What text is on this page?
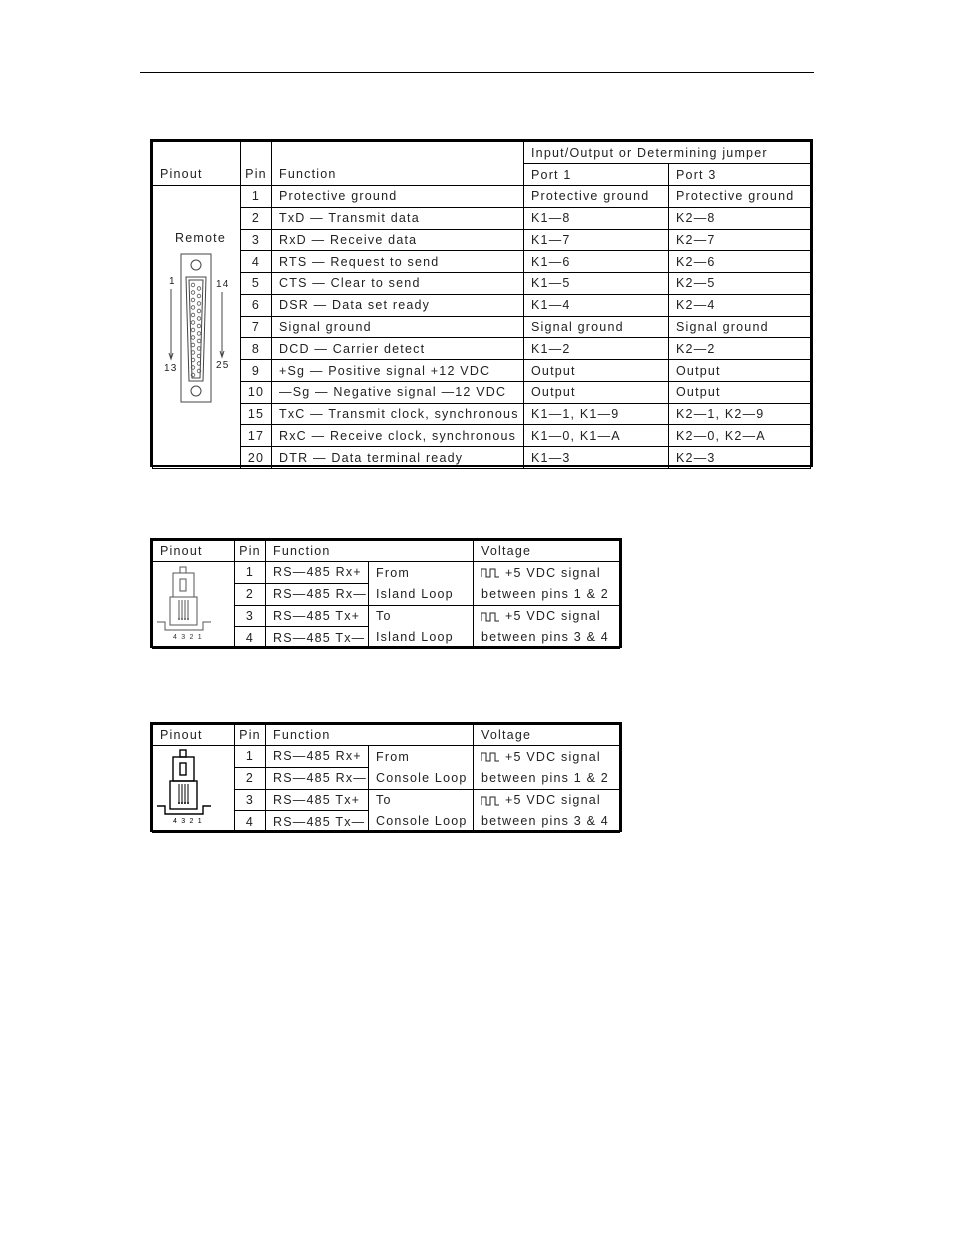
Pinout	Pin	Function	Input/Output or Determining jumper	
			Port 1	Port 3

Remote
1 14
13 25	1	Protective ground	Protective ground	Protective ground
	2	TxD — Transmit data	K1—8	K2—8
	3	RxD — Receive data	K1—7	K2—7
	4	RTS — Request to send	K1—6	K2—6
	5	CTS — Clear to send	K1—5	K2—5
	6	DSR — Data set ready	K1—4	K2—4
	7	Signal ground	Signal ground	Signal ground
	8	DCD — Carrier detect	K1—2	K2—2
	9	+Sg — Positive signal +12 VDC	Output	Output
	10	—Sg — Negative signal —12 VDC	Output	Output
	15	TxC — Transmit clock, synchronous	K1—1, K1—9	K2—1, K2—9
	17	RxC — Receive clock, synchronous	K1—0, K1—A	K2—0, K2—A
	20	DTR — Data terminal ready	K1—3	K2—3
Pinout	Pin	Function		Voltage

4 3 2 1	1	RS—485 Rx+	From	+5 VDC signal
	2	RS—485 Rx—	Island Loop	between pins 1 & 2
	3	RS—485 Tx+	To	+5 VDC signal
	4	RS—485 Tx—	Island Loop	between pins 3 & 4
Pinout	Pin	Function		Voltage

4 3 2 1	1	RS—485 Rx+	From	+5 VDC signal
	2	RS—485 Rx—	Console Loop	between pins 1 & 2
	3	RS—485 Tx+	To	+5 VDC signal
	4	RS—485 Tx—	Console Loop	between pins 3 & 4
